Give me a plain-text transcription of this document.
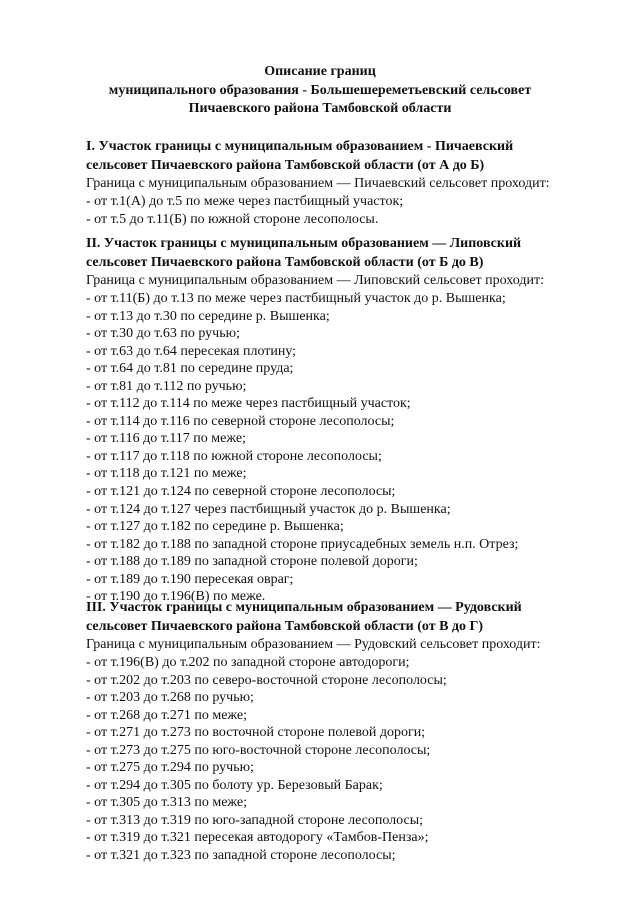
Описание границ
муниципального образования - Большешереметьевский сельсовет
Пичаевского района Тамбовской области
I. Участок границы с муниципальным образованием - Пичаевский
сельсовет Пичаевского района Тамбовской области (от А до Б)
Граница с муниципальным образованием — Пичаевский сельсовет проходит:
- от т.1(А) до т.5 по меже через пастбищный участок;
- от т.5 до т.11(Б) по южной стороне лесополосы.
II. Участок границы с муниципальным образованием — Липовский
сельсовет Пичаевского района Тамбовской области (от Б до В)
Граница с муниципальным образованием — Липовский сельсовет проходит:
- от т.11(Б) до т.13 по меже через пастбищный участок до р. Вышенка;
- от т.13 до т.30 по середине р. Вышенка;
- от т.30 до т.63 по ручью;
- от т.63 до т.64 пересекая плотину;
- от т.64 до т.81 по середине пруда;
- от т.81 до т.112 по ручью;
- от т.112 до т.114 по меже через пастбищный участок;
- от т.114 до т.116 по северной стороне лесополосы;
- от т.116 до т.117 по меже;
- от т.117 до т.118 по южной стороне лесополосы;
- от т.118 до т.121 по меже;
- от т.121 до т.124 по северной стороне лесополосы;
- от т.124 до т.127 через пастбищный участок до р. Вышенка;
- от т.127 до т.182 по середине р. Вышенка;
- от т.182 до т.188 по западной стороне приусадебных земель н.п. Отрез;
- от т.188 до т.189 по западной стороне полевой дороги;
- от т.189 до т.190 пересекая овраг;
- от т.190 до т.196(В) по меже.
III. Участок границы с муниципальным образованием — Рудовский
сельсовет Пичаевского района Тамбовской области (от В до Г)
Граница с муниципальным образованием — Рудовский сельсовет проходит:
- от т.196(В) до т.202 по западной стороне автодороги;
- от т.202 до т.203 по северо-восточной стороне лесополосы;
- от т.203 до т.268 по ручью;
- от т.268 до т.271 по меже;
- от т.271 до т.273 по восточной стороне полевой дороги;
- от т.273 до т.275 по юго-восточной стороне лесополосы;
- от т.275 до т.294 по ручью;
- от т.294 до т.305 по болоту ур. Березовый Барак;
- от т.305 до т.313 по меже;
- от т.313 до т.319 по юго-западной стороне лесополосы;
- от т.319 до т.321 пересекая автодорогу «Тамбов-Пенза»;
- от т.321 до т.323 по западной стороне лесополосы;
